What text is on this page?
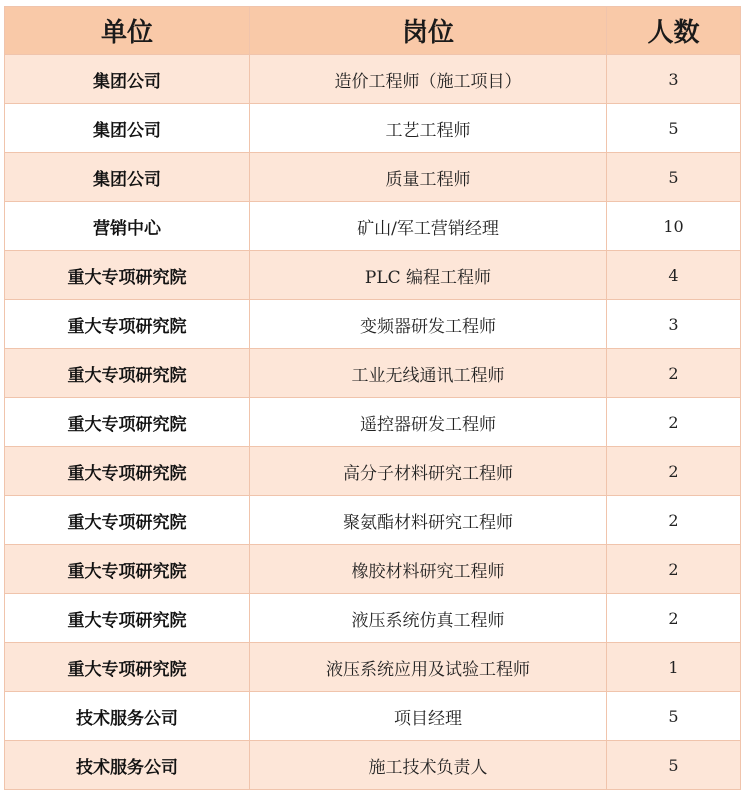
单位	岗位	人数
集团公司	造价工程师（施工项目）	3
集团公司	工艺工程师	5
集团公司	质量工程师	5
营销中心	矿山/军工营销经理	10
重大专项研究院	PLC 编程工程师	4
重大专项研究院	变频器研发工程师	3
重大专项研究院	工业无线通讯工程师	2
重大专项研究院	遥控器研发工程师	2
重大专项研究院	高分子材料研究工程师	2
重大专项研究院	聚氨酯材料研究工程师	2
重大专项研究院	橡胶材料研究工程师	2
重大专项研究院	液压系统仿真工程师	2
重大专项研究院	液压系统应用及试验工程师	1
技术服务公司	项目经理	5
技术服务公司	施工技术负责人	5
